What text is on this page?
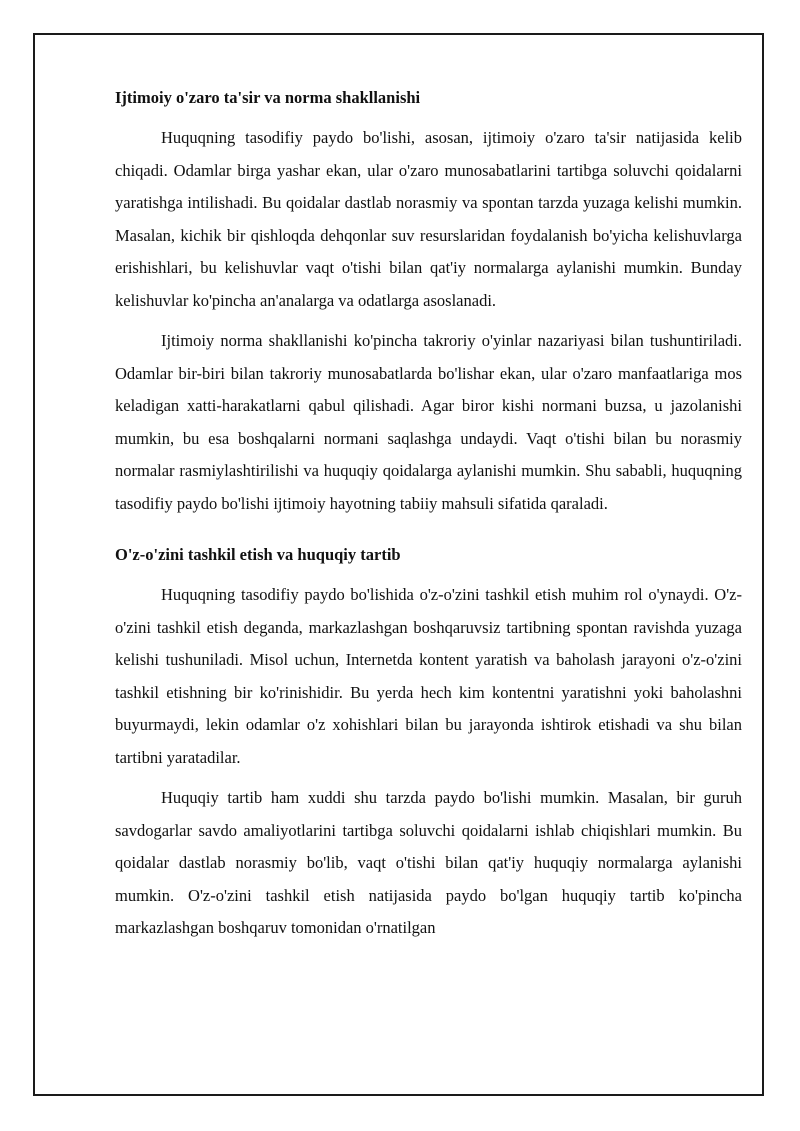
Ijtimoiy o'zaro ta'sir va norma shakllanishi

Huquqning tasodifiy paydo bo'lishi, asosan, ijtimoiy o'zaro ta'sir natijasida kelib chiqadi. Odamlar birga yashar ekan, ular o'zaro munosabatlarini tartibga soluvchi qoidalarni yaratishga intilishadi. Bu qoidalar dastlab norasmiy va spontan tarzda yuzaga kelishi mumkin. Masalan, kichik bir qishloqda dehqonlar suv resurslaridan foydalanish bo'yicha kelishuvlarga erishishlari, bu kelishuvlar vaqt o'tishi bilan qat'iy normalarga aylanishi mumkin. Bunday kelishuvlar ko'pincha an'analarga va odatlarga asoslanadi.

Ijtimoiy norma shakllanishi ko'pincha takroriy o'yinlar nazariyasi bilan tushuntiriladi. Odamlar bir-biri bilan takroriy munosabatlarda bo'lishar ekan, ular o'zaro manfaatlariga mos keladigan xatti-harakatlarni qabul qilishadi. Agar biror kishi normani buzsa, u jazolanishi mumkin, bu esa boshqalarni normani saqlashga undaydi. Vaqt o'tishi bilan bu norasmiy normalar rasmiylashtirilishi va huquqiy qoidalarga aylanishi mumkin. Shu sababli, huquqning tasodifiy paydo bo'lishi ijtimoiy hayotning tabiiy mahsuli sifatida qaraladi.

O'z-o'zini tashkil etish va huquqiy tartib

Huquqning tasodifiy paydo bo'lishida o'z-o'zini tashkil etish muhim rol o'ynaydi. O'z-o'zini tashkil etish deganda, markazlashgan boshqaruvsiz tartibning spontan ravishda yuzaga kelishi tushuniladi. Misol uchun, Internetda kontent yaratish va baholash jarayoni o'z-o'zini tashkil etishning bir ko'rinishidir. Bu yerda hech kim kontentni yaratishni yoki baholashni buyurmaydi, lekin odamlar o'z xohishlari bilan bu jarayonda ishtirok etishadi va shu bilan tartibni yaratadilar.

Huquqiy tartib ham xuddi shu tarzda paydo bo'lishi mumkin. Masalan, bir guruh savdogarlar savdo amaliyotlarini tartibga soluvchi qoidalarni ishlab chiqishlari mumkin. Bu qoidalar dastlab norasmiy bo'lib, vaqt o'tishi bilan qat'iy huquqiy normalarga aylanishi mumkin. O'z-o'zini tashkil etish natijasida paydo bo'lgan huquqiy tartib ko'pincha markazlashgan boshqaruv tomonidan o'rnatilgan
